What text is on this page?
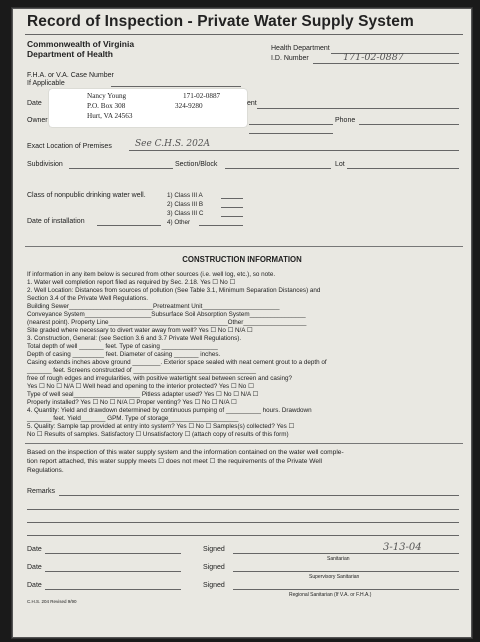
Record of Inspection - Private Water Supply System
Commonwealth of Virginia
Department of Health
Health Department
I.D. Number	171-02-0887
F.H.A. or V.A. Case Number
If Applicable
Date
Owner
ent
Phone
Nancy Young	171-02-0887
P.O. Box 308	324-9280
Hurt, VA 24563
Exact Location of Premises	See C.H.S. 202A
Subdivision	Section/Block	Lot
Class of nonpublic drinking water well.	1) Class III A
2) Class III B
3) Class III C
Date of installation	4) Other
CONSTRUCTION INFORMATION
If information in any item below is secured from other sources (i.e. well log, etc.), so note.
1. Water well completion report filed as required by Sec. 2.18. Yes ☐ No ☐
2. Well Location: Distances from sources of pollution (See Table 3.1, Minimum Separation Distances) and
Section 3.4 of the Private Well Regulations.
Building Sewer________________________Pretreatment Unit______________________
Conveyance System___________________Subsurface Soil Absorption System________________
(nearest point). Property Line__________________________________Other__________________
Site graded where necessary to divert water away from well? Yes ☐ No ☐ N/A ☐
3. Construction, General: (see Section 3.6 and 3.7 Private Well Regulations).
Total depth of well _______ feet. Type of casing ________________
Depth of casing _________ feet. Diameter of casing _______ inches.
Casing extends inches above ground ________. Exterior space sealed with neat cement grout to a depth of
_______ feet. Screens constructed of ___________________________________
free of rough edges and irregularities, with positive watertight seal between screen and casing?
Yes ☐ No ☐ N/A ☐ Well head and opening to the interior protected? Yes ☐ No ☐
Type of well seal___________________ Pitless adapter used? Yes ☐ No ☐ N/A ☐
Properly installed? Yes ☐ No ☐ N/A ☐ Proper venting? Yes ☐ No ☐ N/A ☐
4. Quantity: Yield and drawdown determined by continuous pumping of __________ hours. Drawdown
_______ feet. Yield_______ GPM. Type of storage____________________
5. Quality: Sample tap provided at entry into system? Yes ☐ No ☐ Samples(s) collected? Yes ☐
No ☐ Results of samples. Satisfactory ☐ Unsatisfactory ☐ (attach copy of results of this form)
Based on the inspection of this water supply system and the information contained on the water well comple-
tion report attached, this water supply meets ☐ does not meet ☐ the requirements of the Private Well
Regulations.
Remarks
Date	Signed
Sanitarian
3-13-04
Date	Signed
Supervisory Sanitarian
Date	Signed
Regional Sanitarian (If V.A. or F.H.A.)
C.H.S. 204 Revised 9/90
